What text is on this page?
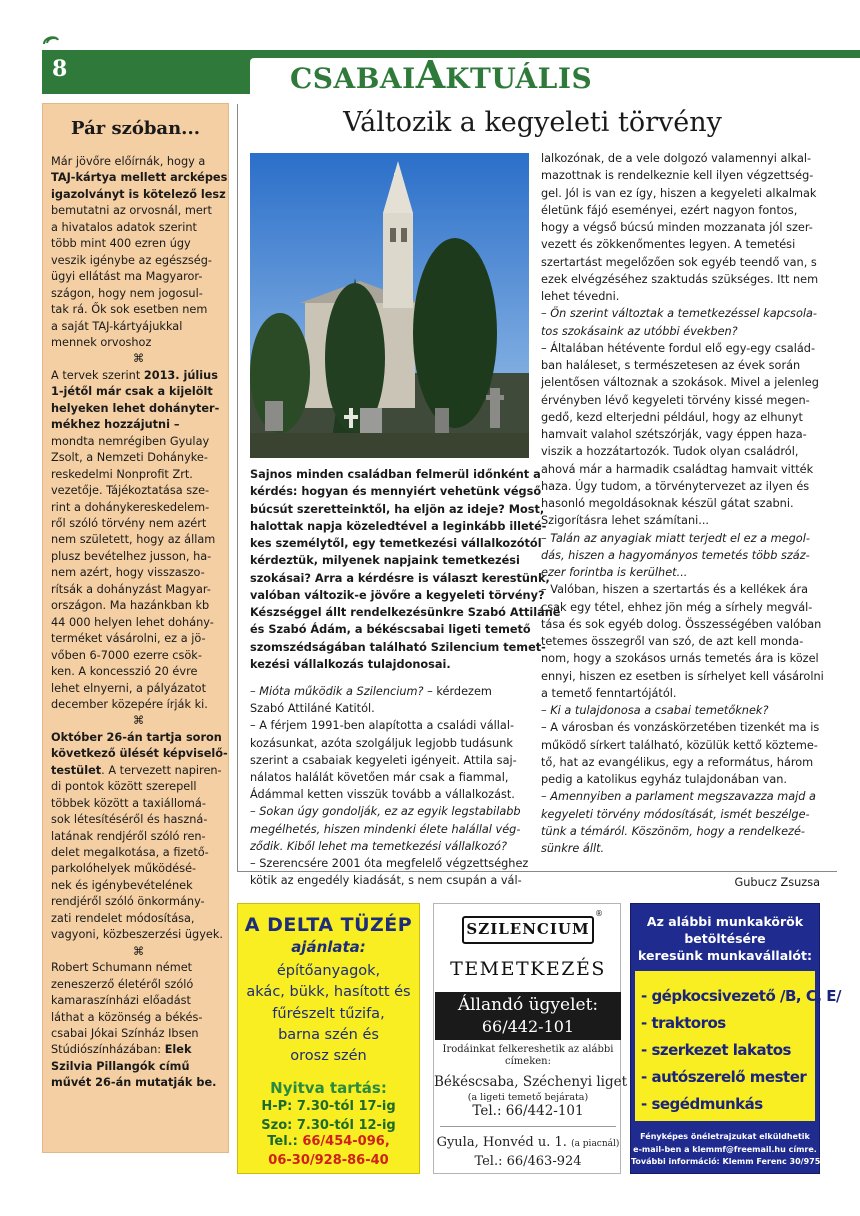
8	CSABAIAKTUÁLIS
Pár szóban...
Már jövőre előírnák, hogy a
TAJ-kártya mellett arcképes
igazolványt is kötelező lesz
bemutatni az orvosnál, mert
a hivatalos adatok szerint
több mint 400 ezren úgy
veszik igénybe az egészség-
ügyi ellátást ma Magyaror-
szágon, hogy nem jogosul-
tak rá. Ők sok esetben nem
a saját TAJ-kártyájukkal
mennek orvoshoz
⌘
A tervek szerint 2013. július
1-jétől már csak a kijelölt
helyeken lehet dohányter-
mékhez hozzájutni –
mondta nemrégiben Gyulay
Zsolt, a Nemzeti Dohányke-
reskedelmi Nonprofit Zrt.
vezetője. Tájékoztatása sze-
rint a dohánykereskedelem-
ről szóló törvény nem azért
nem született, hogy az állam
plusz bevételhez jusson, ha-
nem azért, hogy visszaszo-
rítsák a dohányzást Magyar-
országon. Ma hazánkban kb
44 000 helyen lehet dohány-
terméket vásárolni, ez a jö-
vőben 6-7000 ezerre csök-
ken. A koncesszió 20 évre
lehet elnyerni, a pályázatot
december közepére írják ki.
⌘
Október 26-án tartja soron
következő ülését képviselő-
testület. A tervezett napiren-
di pontok között szerepell
többek között a taxiállomá-
sok létesítéséről és haszná-
latának rendjéről szóló ren-
delet megalkotása, a fizető-
parkolóhelyek működésé-
nek és igénybevételének
rendjéről szóló önkormány-
zati rendelet módosítása,
vagyoni, közbeszerzési ügyek.
⌘
Robert Schumann német
zeneszerző életéről szóló
kamaraszínházi előadást
láthat a közönség a békés-
csabai Jókai Színház Ibsen
Stúdiószínházában: Elek
Szilvia Pillangók című
művét 26-án mutatják be.
Változik a kegyeleti törvény
Sajnos minden családban felmerül időnként a
kérdés: hogyan és mennyiért vehetünk végső
búcsút szeretteinktől, ha eljön az ideje? Most,
halottak napja közeledtével a leginkább illeté-
kes személytől, egy temetkezési vállalkozótól
kérdeztük, milyenek napjaink temetkezési
szokásai? Arra a kérdésre is választ kerestünk,
valóban változik-e jövőre a kegyeleti törvény?
Készséggel állt rendelkezésünkre Szabó Attiláné
és Szabó Ádám, a békéscsabai ligeti temető
szomszédságában található Szilencium temet-
kezési vállalkozás tulajdonosai.
– Mióta működik a Szilencium? – kérdezem
Szabó Attiláné Katitól.
– A férjem 1991-ben alapította a családi vállal-
kozásunkat, azóta szolgáljuk legjobb tudásunk
szerint a csabaiak kegyeleti igényeit. Attila saj-
nálatos halálát követően már csak a fiammal,
Ádámmal ketten visszük tovább a vállalkozást.
– Sokan úgy gondolják, ez az egyik legstabilabb
megélhetés, hiszen mindenki élete halállal vég-
ződik. Kiből lehet ma temetkezési vállalkozó?
– Szerencsére 2001 óta megfelelő végzettséghez
kötik az engedély kiadását, s nem csupán a vál-
lalkozónak, de a vele dolgozó valamennyi alkal-
mazottnak is rendelkeznie kell ilyen végzettség-
gel. Jól is van ez így, hiszen a kegyeleti alkalmak
életünk fájó eseményei, ezért nagyon fontos,
hogy a végső búcsú minden mozzanata jól szer-
vezett és zökkenőmentes legyen. A temetési
szertartást megelőzően sok egyéb teendő van, s
ezek elvégzéséhez szaktudás szükséges. Itt nem
lehet tévedni.
– Ön szerint változtak a temetkezéssel kapcsola-
tos szokásaink az utóbbi években?
– Általában hétévente fordul elő egy-egy család-
ban haláleset, s természetesen az évek során
jelentősen változnak a szokások. Mivel a jelenleg
érvényben lévő kegyeleti törvény kissé megen-
gedő, kezd elterjedni például, hogy az elhunyt
hamvait valahol szétszórják, vagy éppen haza-
viszik a hozzátartozók. Tudok olyan családról,
ahová már a harmadik családtag hamvait vitték
haza. Úgy tudom, a törvénytervezet az ilyen és
hasonló megoldásoknak készül gátat szabni.
Szigorításra lehet számítani...
– Talán az anyagiak miatt terjedt el ez a megol-
dás, hiszen a hagyományos temetés több száz-
ezer forintba is kerülhet...
– Valóban, hiszen a szertartás és a kellékek ára
csak egy tétel, ehhez jön még a sírhely megvál-
tása és sok egyéb dolog. Összességében valóban
tetemes összegről van szó, de azt kell monda-
nom, hogy a szokásos urnás temetés ára is közel
ennyi, hiszen ez esetben is sírhelyet kell vásárolni
a temető fenntartójától.
– Ki a tulajdonosa a csabai temetőknek?
– A városban és vonzáskörzetében tizenkét ma is
működő sírkert található, közülük kettő közteme-
tő, hat az evangélikus, egy a református, három
pedig a katolikus egyház tulajdonában van.
– Amennyiben a parlament megszavazza majd a
kegyeleti törvény módosítását, ismét beszélge-
tünk a témáról. Köszönöm, hogy a rendelkezé-
sünkre állt.
Gubucz Zsuzsa
A DELTA TÜZÉP
ajánlata:
építőanyagok,
akác, bükk, hasított és
fűrészelt tűzifa,
barna szén és
orosz szén
Nyitva tartás:
H-P: 7.30-tól 17-ig
Szo: 7.30-tól 12-ig
Tel.: 66/454-096,
06-30/928-86-40
SZILENCIUM
®
TEMETKEZÉS
Állandó ügyelet:
66/442-101
Irodáinkat felkereshetik az alábbi címeken:
Békéscsaba, Széchenyi liget
(a ligeti temető bejárata)
Tel.: 66/442-101
Gyula, Honvéd u. 1. (a piacnál)
Tel.: 66/463-924
Az alábbi munkakörök
betöltésére
keresünk munkavállalót:
- gépkocsivezető /B, C, E/
- traktoros
- szerkezet lakatos
- autószerelő mester
- segédmunkás
Fényképes önéletrajzukat elküldhetik
e-mail-ben a klemmf@freemail.hu címre.
További információ: Klemm Ferenc 30/975-2404
